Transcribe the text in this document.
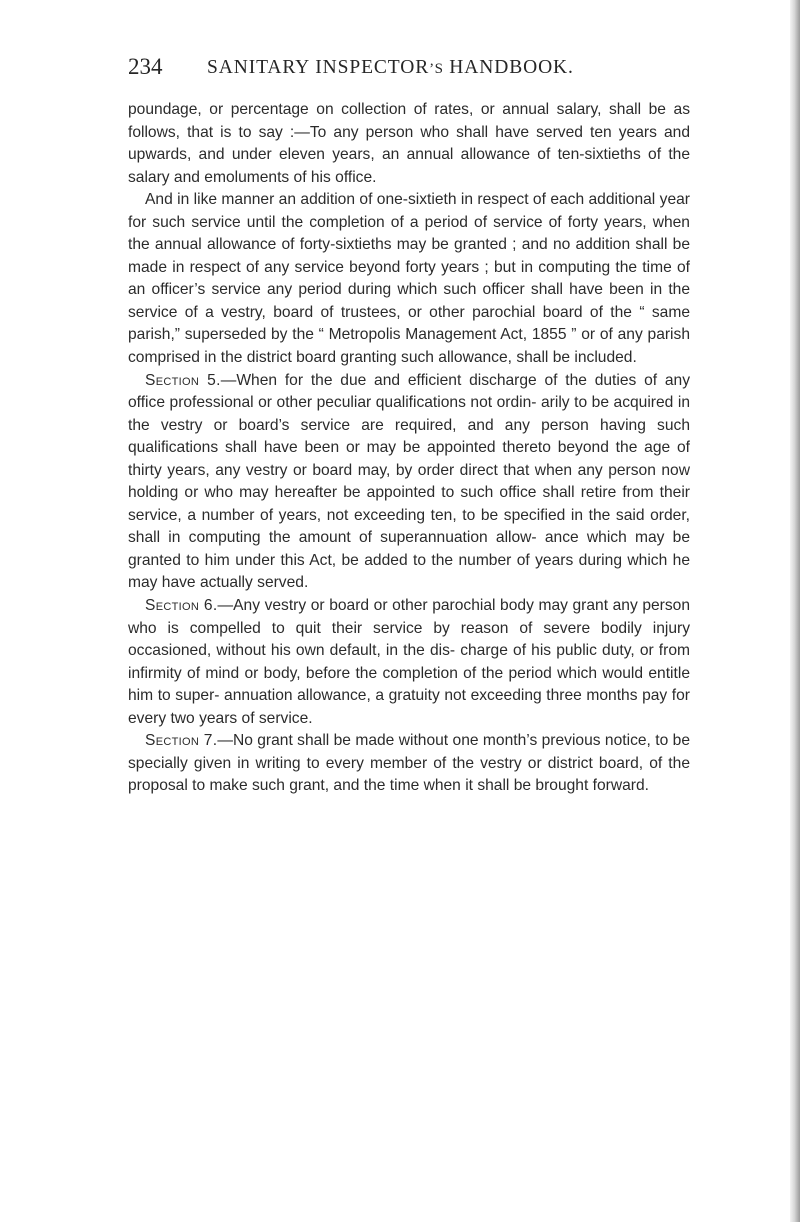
234 SANITARY INSPECTOR’S HANDBOOK.

poundage, or percentage on collection of rates, or annual salary, shall be as follows, that is to say :—To any person who shall have served ten years and upwards, and under eleven years, an annual allowance of ten-sixtieths of the salary and emoluments of his office.

And in like manner an addition of one-sixtieth in respect of each additional year for such service until the completion of a period of service of forty years, when the annual allowance of forty-sixtieths may be granted ; and no addition shall be made in respect of any service beyond forty years ; but in computing the time of an officer’s service any period during which such officer shall have been in the service of a vestry, board of trustees, or other parochial board of the “ same parish,” superseded by the “ Metropolis Management Act, 1855 ” or of any parish comprised in the district board granting such allowance, shall be included.

Section 5.—When for the due and efficient discharge of the duties of any office professional or other peculiar qualifications not ordin- arily to be acquired in the vestry or board’s service are required, and any person having such qualifications shall have been or may be appointed thereto beyond the age of thirty years, any vestry or board may, by order direct that when any person now holding or who may hereafter be appointed to such office shall retire from their service, a number of years, not exceeding ten, to be specified in the said order, shall in computing the amount of superannuation allow- ance which may be granted to him under this Act, be added to the number of years during which he may have actually served.

Section 6.—Any vestry or board or other parochial body may grant any person who is compelled to quit their service by reason of severe bodily injury occasioned, without his own default, in the dis- charge of his public duty, or from infirmity of mind or body, before the completion of the period which would entitle him to super- annuation allowance, a gratuity not exceeding three months pay for every two years of service.

Section 7.—No grant shall be made without one month’s previous notice, to be specially given in writing to every member of the vestry or district board, of the proposal to make such grant, and the time when it shall be brought forward.
